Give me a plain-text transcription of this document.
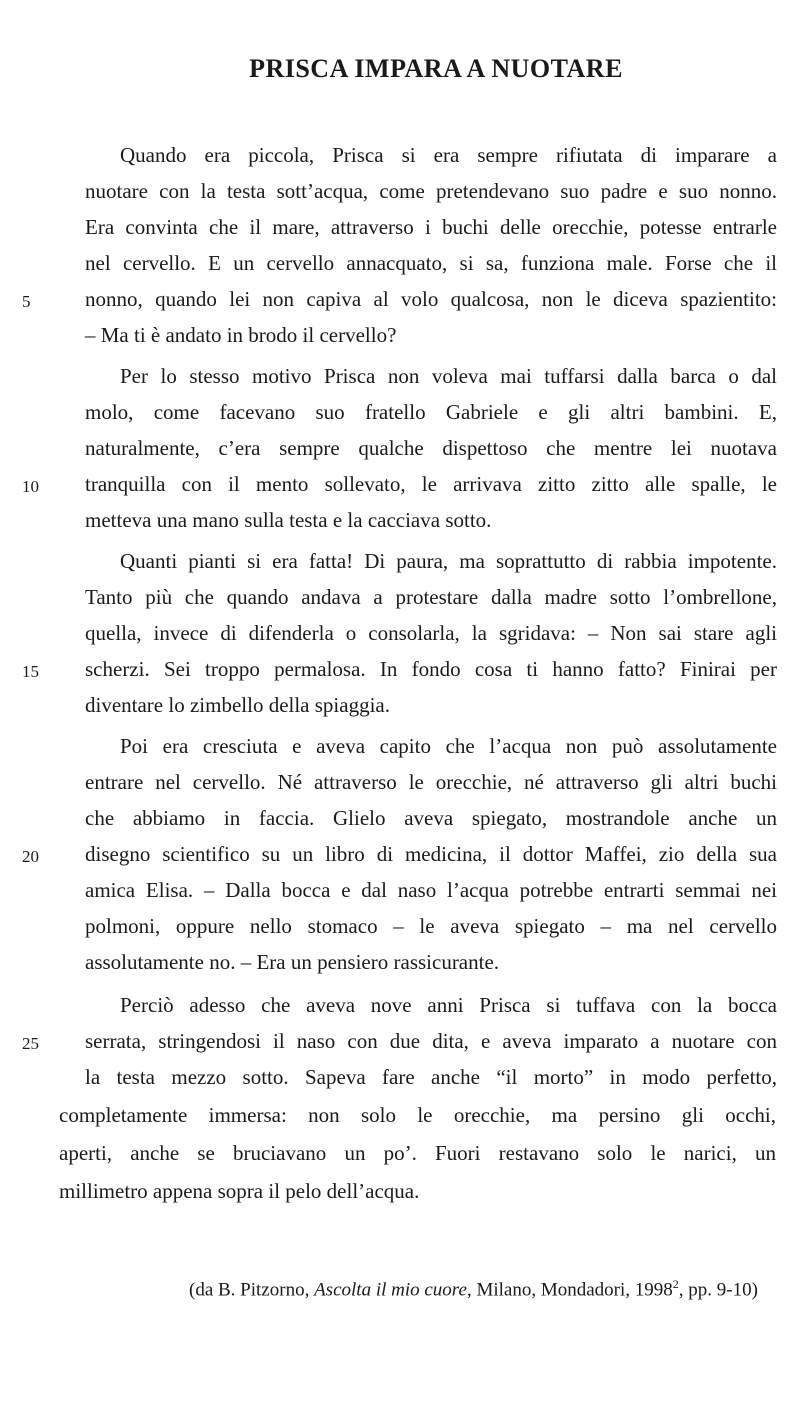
PRISCA IMPARA A NUOTARE
Quando era piccola, Prisca si era sempre rifiutata di imparare a
nuotare con la testa sott’acqua, come pretendevano suo padre e suo nonno.
Era convinta che il mare, attraverso i buchi delle orecchie, potesse entrarle
nel cervello. E un cervello annacquato, si sa, funziona male. Forse che il
nonno, quando lei non capiva al volo qualcosa, non le diceva spazientito:
– Ma ti è andato in brodo il cervello?
Per lo stesso motivo Prisca non voleva mai tuffarsi dalla barca o dal
molo, come facevano suo fratello Gabriele e gli altri bambini. E,
naturalmente, c’era sempre qualche dispettoso che mentre lei nuotava
tranquilla con il mento sollevato, le arrivava zitto zitto alle spalle, le
metteva una mano sulla testa e la cacciava sotto.
Quanti pianti si era fatta! Di paura, ma soprattutto di rabbia impotente.
Tanto più che quando andava a protestare dalla madre sotto l’ombrellone,
quella, invece di difenderla o consolarla, la sgridava: – Non sai stare agli
scherzi. Sei troppo permalosa. In fondo cosa ti hanno fatto? Finirai per
diventare lo zimbello della spiaggia.
Poi era cresciuta e aveva capito che l’acqua non può assolutamente
entrare nel cervello. Né attraverso le orecchie, né attraverso gli altri buchi
che abbiamo in faccia. Glielo aveva spiegato, mostrandole anche un
disegno scientifico su un libro di medicina, il dottor Maffei, zio della sua
amica Elisa. – Dalla bocca e dal naso l’acqua potrebbe entrarti semmai nei
polmoni, oppure nello stomaco – le aveva spiegato – ma nel cervello
assolutamente no. – Era un pensiero rassicurante.
Perciò adesso che aveva nove anni Prisca si tuffava con la bocca
serrata, stringendosi il naso con due dita, e aveva imparato a nuotare con
la testa mezzo sotto. Sapeva fare anche “il morto” in modo perfetto,
completamente immersa: non solo le orecchie, ma persino gli occhi,
aperti, anche se bruciavano un po’. Fuori restavano solo le narici, un
millimetro appena sopra il pelo dell’acqua.
5
10
15
20
25
(da B. Pitzorno, Ascolta il mio cuore, Milano, Mondadori, 1998$^2$, pp. 9-10)
